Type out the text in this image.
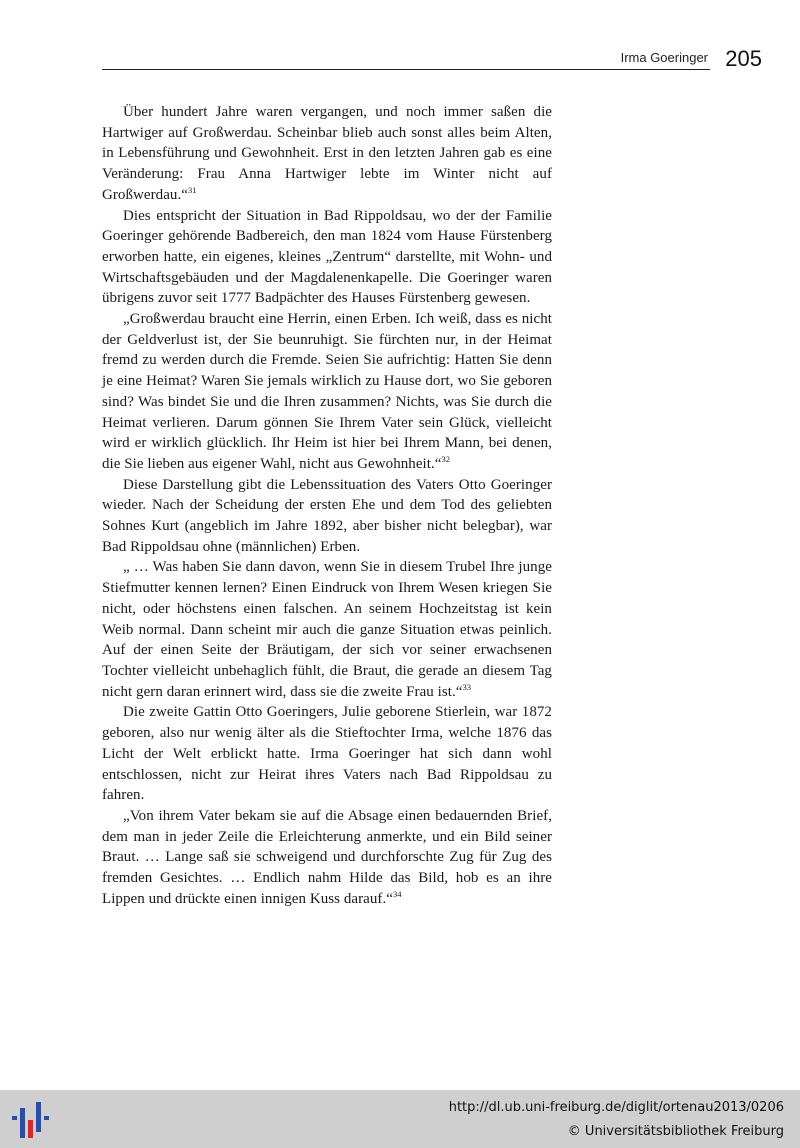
Irma Goeringer 205

Über hundert Jahre waren vergangen, und noch immer saßen die Hartwiger auf Großwerdau. Scheinbar blieb auch sonst alles beim Alten, in Lebensführung und Gewohnheit. Erst in den letzten Jahren gab es eine Veränderung: Frau Anna Hartwiger lebte im Winter nicht auf Großwerdau.“$^{31}$

Dies entspricht der Situation in Bad Rippoldsau, wo der der Familie Goeringer gehörende Badbereich, den man 1824 vom Hause Fürstenberg erworben hatte, ein eigenes, kleines „Zentrum“ darstellte, mit Wohn- und Wirtschaftsgebäuden und der Magdalenenkapelle. Die Goeringer waren übrigens zuvor seit 1777 Badpächter des Hauses Fürstenberg gewesen.

„Großwerdau braucht eine Herrin, einen Erben. Ich weiß, dass es nicht der Geldverlust ist, der Sie beunruhigt. Sie fürchten nur, in der Heimat fremd zu werden durch die Fremde. Seien Sie aufrichtig: Hatten Sie denn je eine Heimat? Waren Sie jemals wirklich zu Hause dort, wo Sie geboren sind? Was bindet Sie und die Ihren zusammen? Nichts, was Sie durch die Heimat verlieren. Darum gönnen Sie Ihrem Vater sein Glück, vielleicht wird er wirklich glücklich. Ihr Heim ist hier bei Ihrem Mann, bei denen, die Sie lieben aus eigener Wahl, nicht aus Gewohnheit.“$^{32}$

Diese Darstellung gibt die Lebenssituation des Vaters Otto Goeringer wieder. Nach der Scheidung der ersten Ehe und dem Tod des geliebten Sohnes Kurt (angeblich im Jahre 1892, aber bisher nicht belegbar), war Bad Rippoldsau ohne (männlichen) Erben.

„ … Was haben Sie dann davon, wenn Sie in diesem Trubel Ihre junge Stiefmutter kennen lernen? Einen Eindruck von Ihrem Wesen kriegen Sie nicht, oder höchstens einen falschen. An seinem Hochzeitstag ist kein Weib normal. Dann scheint mir auch die ganze Situation etwas peinlich. Auf der einen Seite der Bräutigam, der sich vor seiner erwachsenen Tochter vielleicht unbehaglich fühlt, die Braut, die gerade an diesem Tag nicht gern daran erinnert wird, dass sie die zweite Frau ist.“$^{33}$

Die zweite Gattin Otto Goeringers, Julie geborene Stierlein, war 1872 geboren, also nur wenig älter als die Stieftochter Irma, welche 1876 das Licht der Welt erblickt hatte. Irma Goeringer hat sich dann wohl entschlossen, nicht zur Heirat ihres Vaters nach Bad Rippoldsau zu fahren.

„Von ihrem Vater bekam sie auf die Absage einen bedauernden Brief, dem man in jeder Zeile die Erleichterung anmerkte, und ein Bild seiner Braut. … Lange saß sie schweigend und durchforschte Zug für Zug des fremden Gesichtes. … Endlich nahm Hilde das Bild, hob es an ihre Lippen und drückte einen innigen Kuss darauf.“$^{34}$

http://dl.ub.uni-freiburg.de/diglit/ortenau2013/0206
© Universitätsbibliothek Freiburg
